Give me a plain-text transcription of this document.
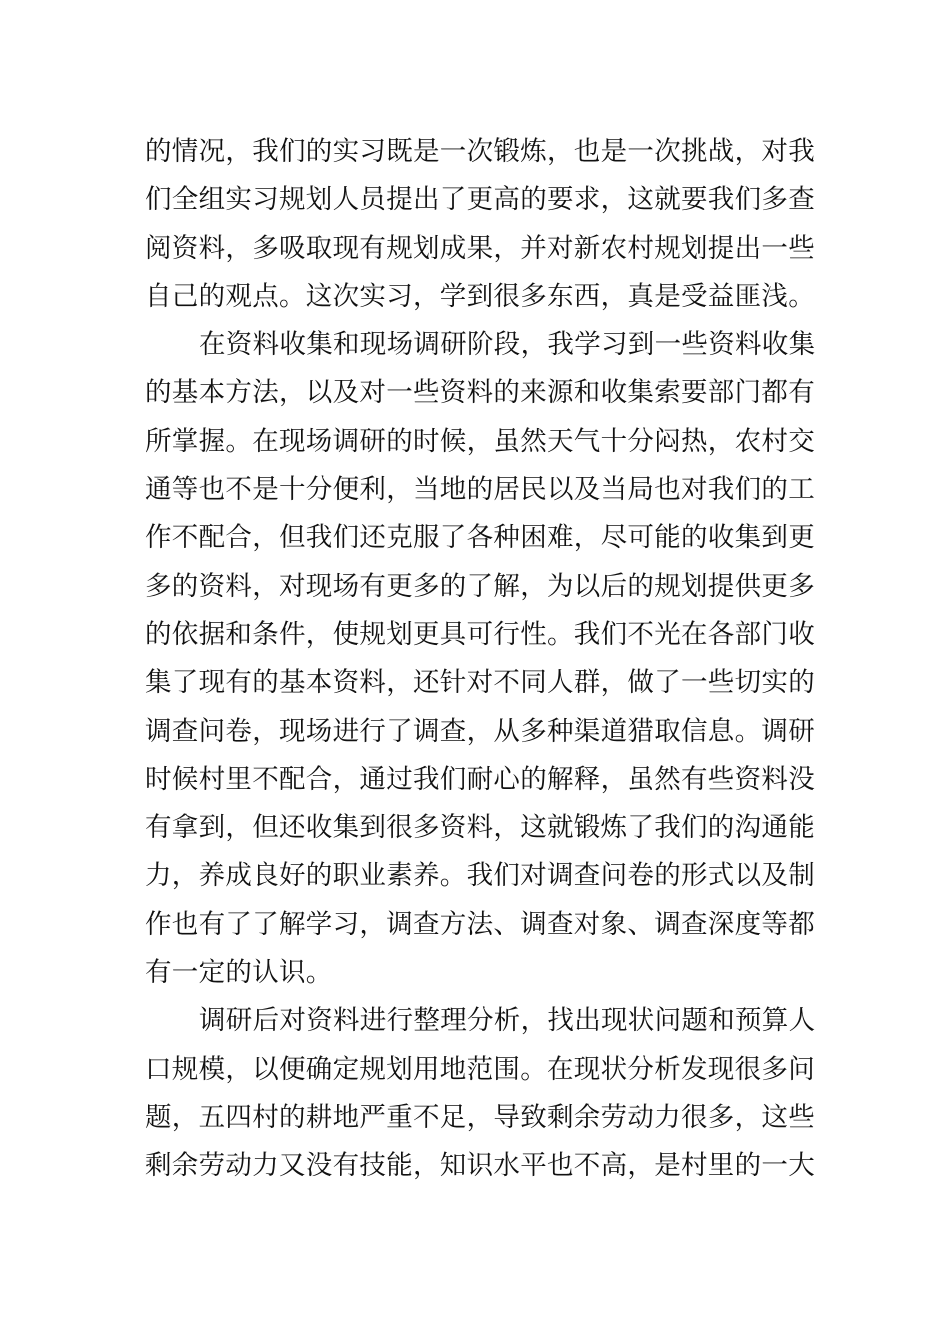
的情况，我们的实习既是一次锻炼，也是一次挑战，对我
们全组实习规划人员提出了更高的要求，这就要我们多查
阅资料，多吸取现有规划成果，并对新农村规划提出一些
自己的观点。这次实习，学到很多东西，真是受益匪浅。
在资料收集和现场调研阶段，我学习到一些资料收集
的基本方法，以及对一些资料的来源和收集索要部门都有
所掌握。在现场调研的时候，虽然天气十分闷热，农村交
通等也不是十分便利，当地的居民以及当局也对我们的工
作不配合，但我们还克服了各种困难，尽可能的收集到更
多的资料，对现场有更多的了解，为以后的规划提供更多
的依据和条件，使规划更具可行性。我们不光在各部门收
集了现有的基本资料，还针对不同人群，做了一些切实的
调查问卷，现场进行了调查，从多种渠道猎取信息。调研
时候村里不配合，通过我们耐心的解释，虽然有些资料没
有拿到，但还收集到很多资料，这就锻炼了我们的沟通能
力，养成良好的职业素养。我们对调查问卷的形式以及制
作也有了了解学习，调查方法、调查对象、调查深度等都
有一定的认识。
调研后对资料进行整理分析，找出现状问题和预算人
口规模，以便确定规划用地范围。在现状分析发现很多问
题，五四村的耕地严重不足，导致剩余劳动力很多，这些
剩余劳动力又没有技能，知识水平也不高，是村里的一大
